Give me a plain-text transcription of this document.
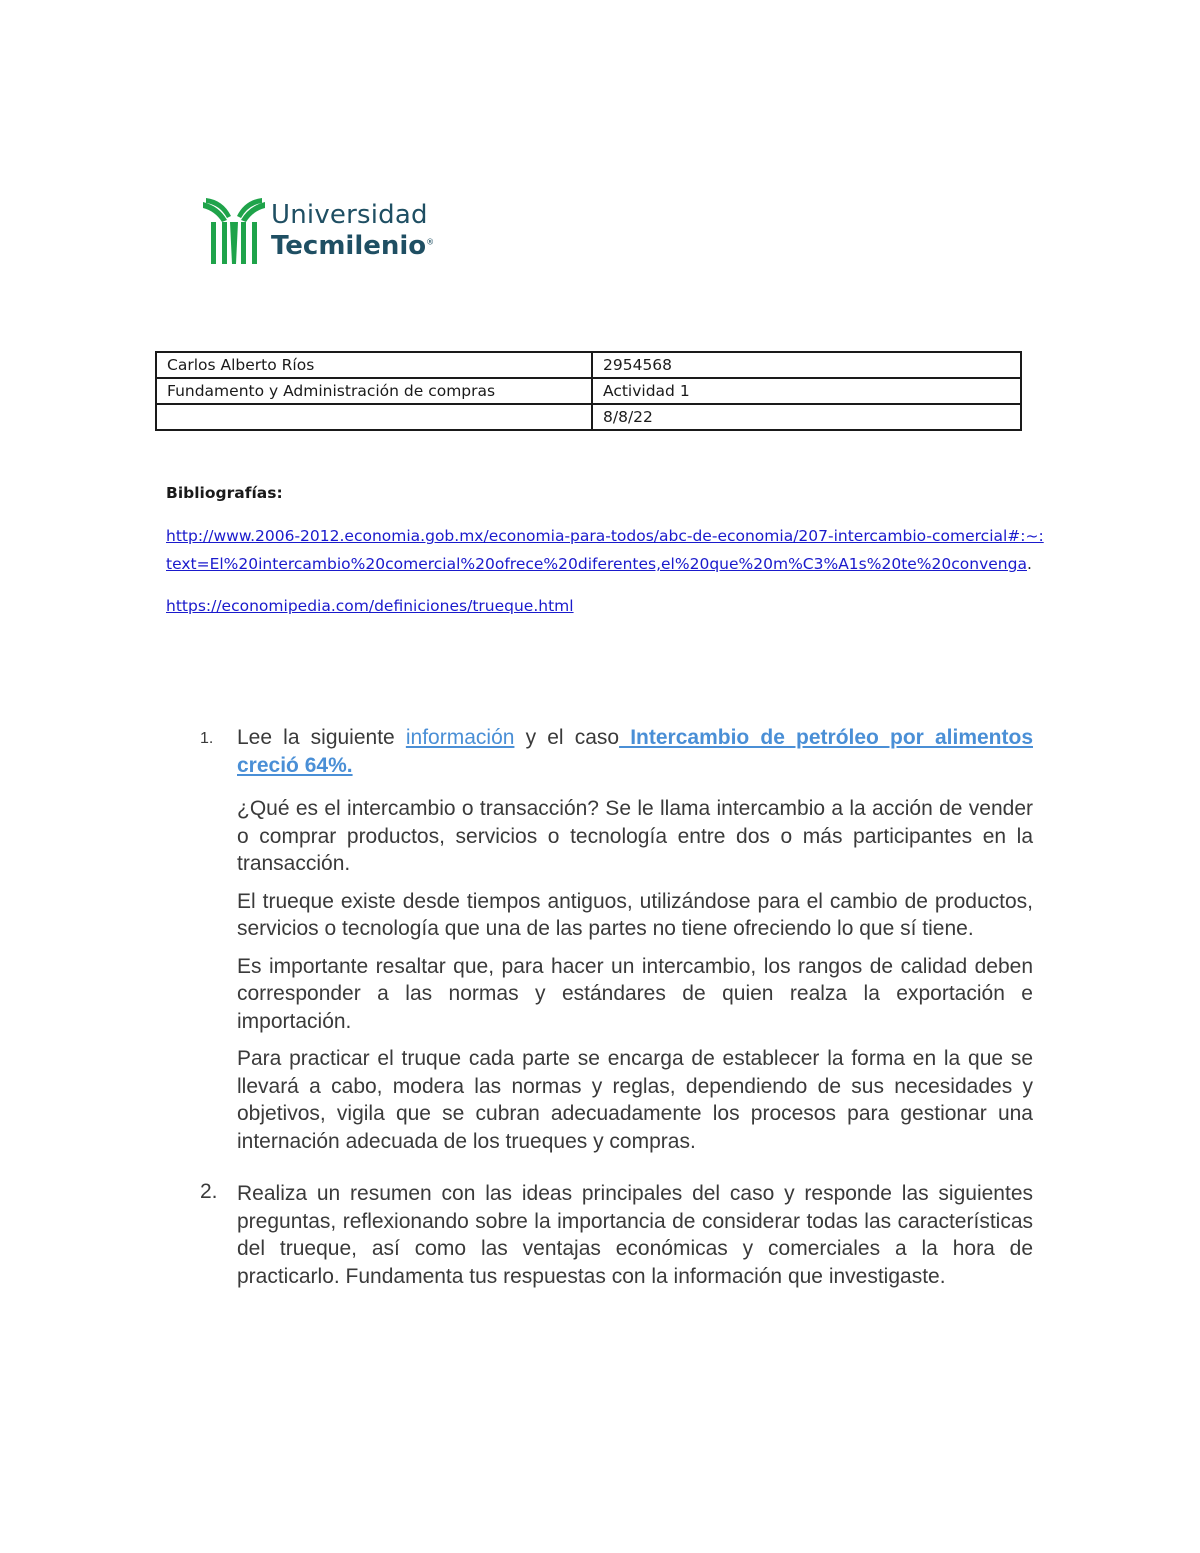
Universidad
Tecmilenio®
Carlos Alberto Ríos	2954568
Fundamento y Administración de compras	Actividad 1
	8/8/22
Bibliografías:
http://www.2006-2012.economia.gob.mx/economia-para-todos/abc-de-economia/207-intercambio-comercial#:~:text=El%20intercambio%20comercial%20ofrece%20diferentes,el%20que%20m%C3%A1s%20te%20convenga.
https://economipedia.com/definiciones/trueque.html
1. Lee la siguiente información y el caso Intercambio de petróleo por alimentos creció 64%.

¿Qué es el intercambio o transacción? Se le llama intercambio a la acción de vender o comprar productos, servicios o tecnología entre dos o más participantes en la transacción.

El trueque existe desde tiempos antiguos, utilizándose para el cambio de productos, servicios o tecnología que una de las partes no tiene ofreciendo lo que sí tiene.

Es importante resaltar que, para hacer un intercambio, los rangos de calidad deben corresponder a las normas y estándares de quien realza la exportación e importación.

Para practicar el truque cada parte se encarga de establecer la forma en la que se llevará a cabo, modera las normas y reglas, dependiendo de sus necesidades y objetivos, vigila que se cubran adecuadamente los procesos para gestionar una internación adecuada de los trueques y compras.

2. Realiza un resumen con las ideas principales del caso y responde las siguientes preguntas, reflexionando sobre la importancia de considerar todas las características del trueque, así como las ventajas económicas y comerciales a la hora de practicarlo. Fundamenta tus respuestas con la información que investigaste.
